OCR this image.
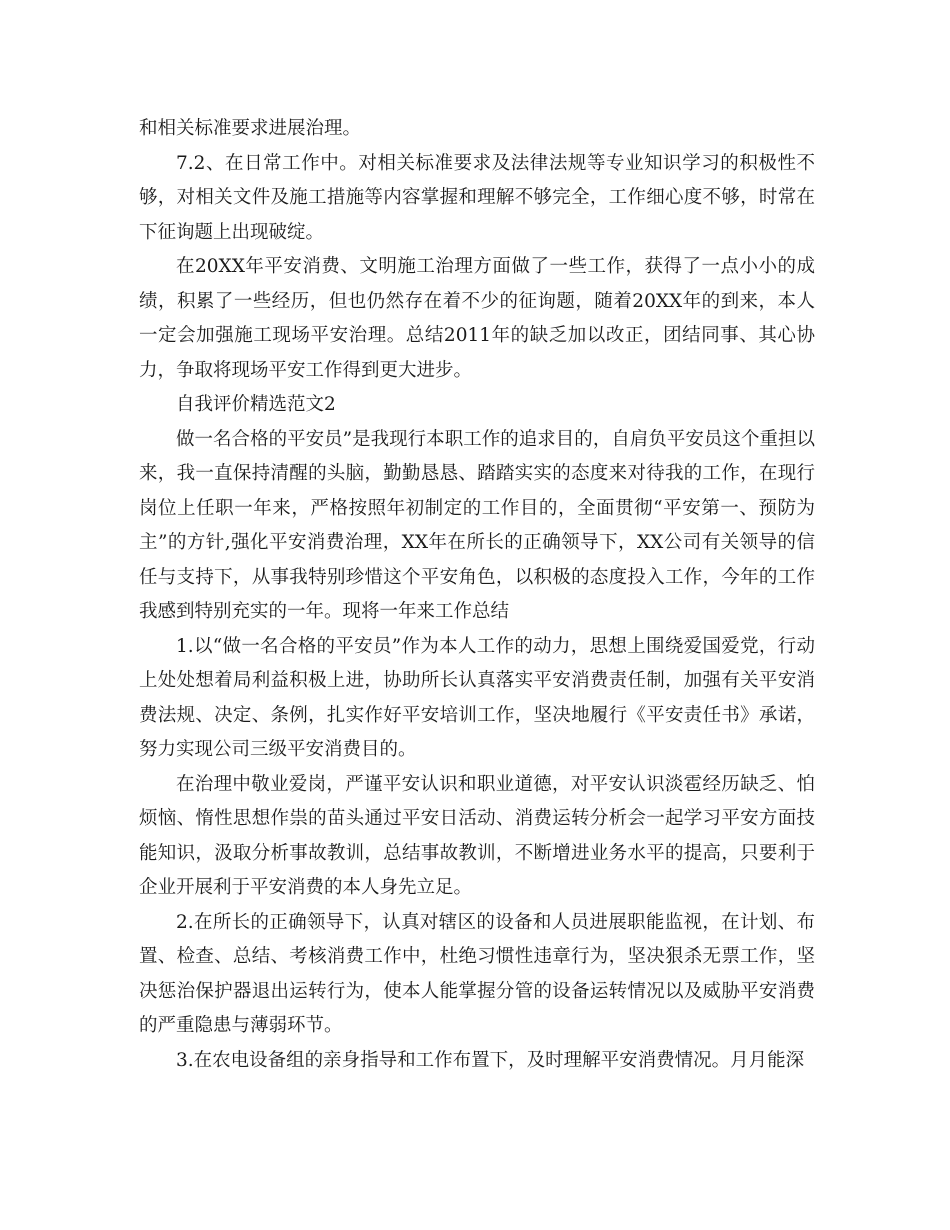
和相关标准要求进展治理。

7.2、在日常工作中。对相关标准要求及法律法规等专业知识学习的积极性不够，对相关文件及施工措施等内容掌握和理解不够完全，工作细心度不够，时常在下征询题上出现破绽。

在20XX年平安消费、文明施工治理方面做了一些工作，获得了一点小小的成绩，积累了一些经历，但也仍然存在着不少的征询题，随着20XX年的到来，本人一定会加强施工现场平安治理。总结2011年的缺乏加以改正，团结同事、其心协力，争取将现场平安工作得到更大进步。

自我评价精选范文2

做一名合格的平安员”是我现行本职工作的追求目的，自肩负平安员这个重担以来，我一直保持清醒的头脑，勤勤恳恳、踏踏实实的态度来对待我的工作，在现行岗位上任职一年来，严格按照年初制定的工作目的，全面贯彻“平安第一、预防为主”的方针,强化平安消费治理，XX年在所长的正确领导下，XX公司有关领导的信任与支持下，从事我特别珍惜这个平安角色，以积极的态度投入工作，今年的工作我感到特别充实的一年。现将一年来工作总结

1.以“做一名合格的平安员”作为本人工作的动力，思想上围绕爱国爱党，行动上处处想着局利益积极上进，协助所长认真落实平安消费责任制，加强有关平安消费法规、决定、条例，扎实作好平安培训工作，坚决地履行《平安责任书》承诺，努力实现公司三级平安消费目的。

在治理中敬业爱岗，严谨平安认识和职业道德，对平安认识淡雹经历缺乏、怕烦恼、惰性思想作祟的苗头通过平安日活动、消费运转分析会一起学习平安方面技能知识，汲取分析事故教训，总结事故教训，不断增进业务水平的提高，只要利于企业开展利于平安消费的本人身先立足。

2.在所长的正确领导下，认真对辖区的设备和人员进展职能监视，在计划、布置、检查、总结、考核消费工作中，杜绝习惯性违章行为，坚决狠杀无票工作，坚决惩治保护器退出运转行为，使本人能掌握分管的设备运转情况以及威胁平安消费的严重隐患与薄弱环节。

3.在农电设备组的亲身指导和工作布置下，及时理解平安消费情况。月月能深
